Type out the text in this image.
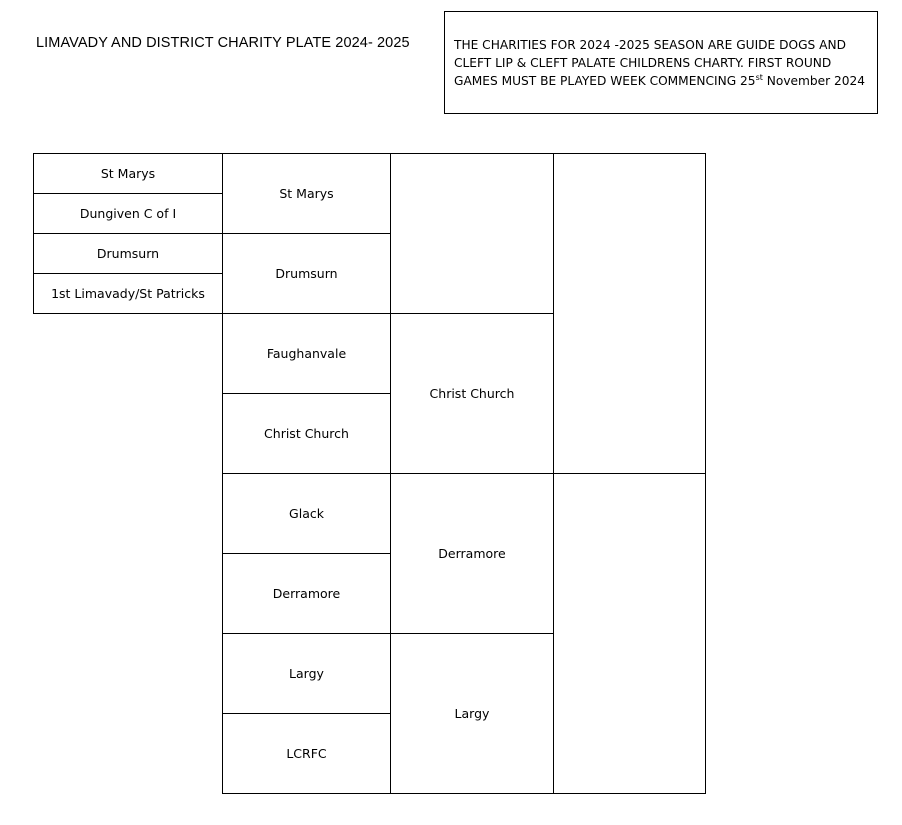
LIMAVADY AND DISTRICT CHARITY PLATE 2024- 2025	THE CHARITIES FOR 2024 -2025 SEASON ARE GUIDE DOGS AND
CLEFT LIP & CLEFT PALATE CHILDRENS CHARTY. FIRST ROUND
GAMES MUST BE PLAYED WEEK COMMENCING 25st November 2024
St Marys
Dungiven C of I
Drumsurn
1st Limavady/St Patricks
St Marys
Drumsurn
Faughanvale
Christ Church
Glack
Derramore
Largy
LCRFC
Christ Church
Derramore
Largy
